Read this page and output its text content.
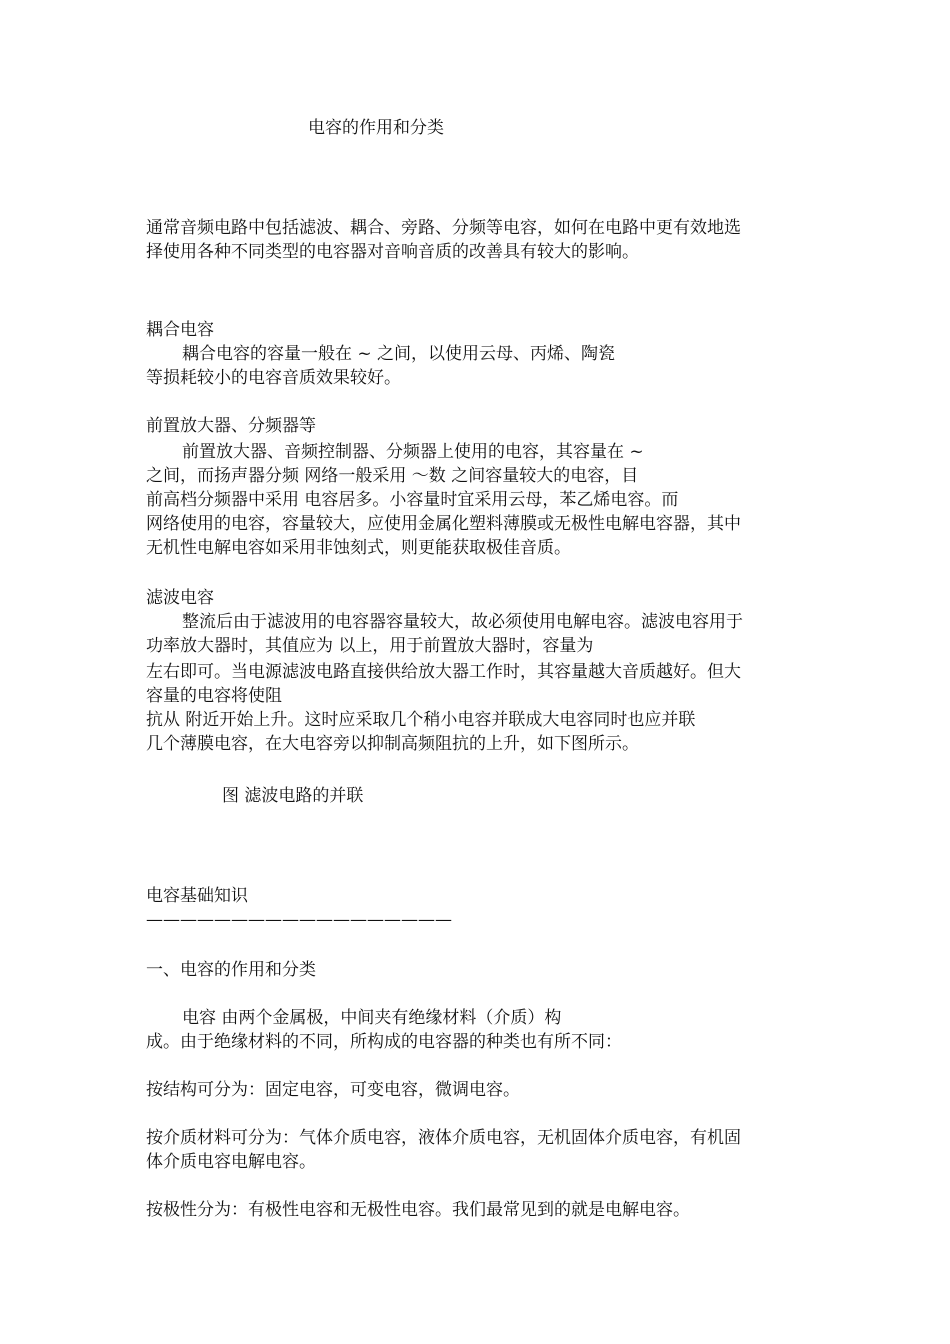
电容的作用和分类
通常音频电路中包括滤波、耦合、旁路、分频等电容，如何在电路中更有效地选
择使用各种不同类型的电容器对音响音质的改善具有较大的影响。
耦合电容
耦合电容的容量一般在 ~ 之间，以使用云母、丙烯、陶瓷
等损耗较小的电容音质效果较好。
前置放大器、分频器等
前置放大器、音频控制器、分频器上使用的电容，其容量在 ~
之间，而扬声器分频 网络一般采用 ～数 之间容量较大的电容，目
前高档分频器中采用 电容居多。小容量时宜采用云母，苯乙烯电容。而
网络使用的电容，容量较大，应使用金属化塑料薄膜或无极性电解电容器，其中
无机性电解电容如采用非蚀刻式，则更能获取极佳音质。
滤波电容
整流后由于滤波用的电容器容量较大，故必须使用电解电容。滤波电容用于
功率放大器时，其值应为 以上，用于前置放大器时，容量为
左右即可。当电源滤波电路直接供给放大器工作时，其容量越大音质越好。但大
容量的电容将使阻
抗从 附近开始上升。这时应采取几个稍小电容并联成大电容同时也应并联
几个薄膜电容，在大电容旁以抑制高频阻抗的上升，如下图所示。
图 滤波电路的并联
电容基础知识
——————————————————
一、电容的作用和分类
电容 由两个金属极，中间夹有绝缘材料（介质）构
成。由于绝缘材料的不同，所构成的电容器的种类也有所不同：
按结构可分为：固定电容，可变电容，微调电容。
按介质材料可分为：气体介质电容，液体介质电容，无机固体介质电容，有机固
体介质电容电解电容。
按极性分为：有极性电容和无极性电容。我们最常见到的就是电解电容。
